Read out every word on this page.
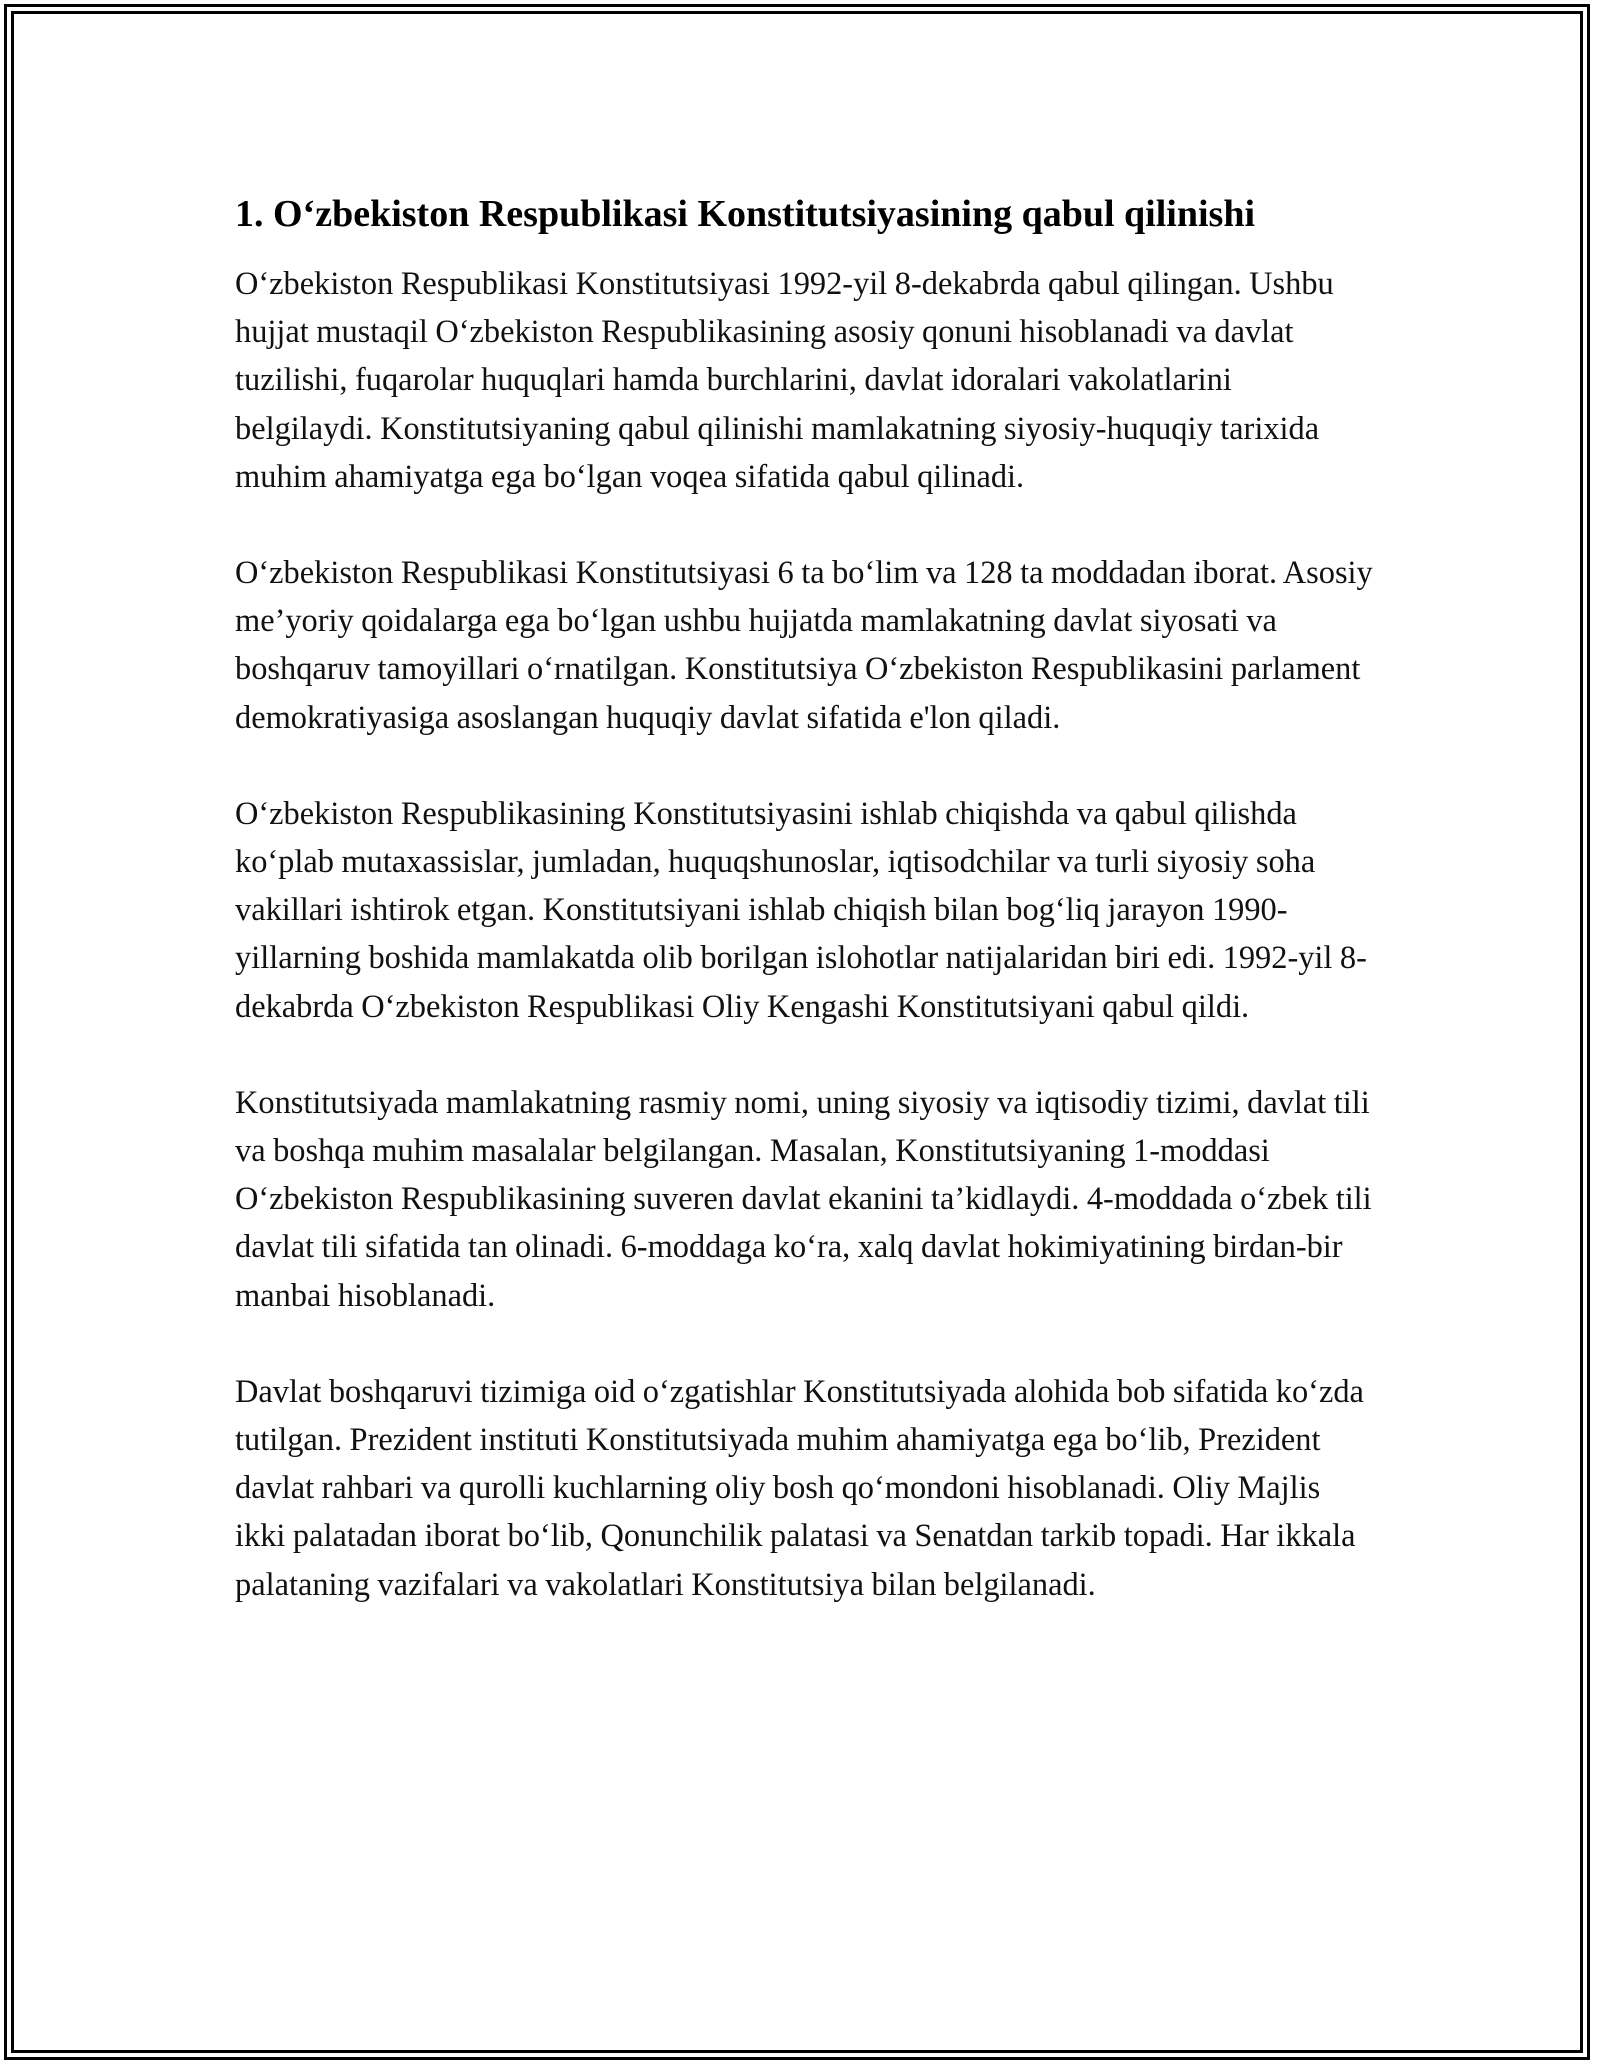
1. O‘zbekiston Respublikasi Konstitutsiyasining qabul qilinishi

O‘zbekiston Respublikasi Konstitutsiyasi 1992-yil 8-dekabrda qabul qilingan. Ushbu hujjat mustaqil O‘zbekiston Respublikasining asosiy qonuni hisoblanadi va davlat tuzilishi, fuqarolar huquqlari hamda burchlarini, davlat idoralari vakolatlarini belgilaydi. Konstitutsiyaning qabul qilinishi mamlakatning siyosiy-huquqiy tarixida muhim ahamiyatga ega bo‘lgan voqea sifatida qabul qilinadi.

O‘zbekiston Respublikasi Konstitutsiyasi 6 ta bo‘lim va 128 ta moddadan iborat. Asosiy me’yoriy qoidalarga ega bo‘lgan ushbu hujjatda mamlakatning davlat siyosati va boshqaruv tamoyillari o‘rnatilgan. Konstitutsiya O‘zbekiston Respublikasini parlament demokratiyasiga asoslangan huquqiy davlat sifatida e'lon qiladi.

O‘zbekiston Respublikasining Konstitutsiyasini ishlab chiqishda va qabul qilishda ko‘plab mutaxassislar, jumladan, huquqshunoslar, iqtisodchilar va turli siyosiy soha vakillari ishtirok etgan. Konstitutsiyani ishlab chiqish bilan bog‘liq jarayon 1990-yillarning boshida mamlakatda olib borilgan islohotlar natijalaridan biri edi. 1992-yil 8-dekabrda O‘zbekiston Respublikasi Oliy Kengashi Konstitutsiyani qabul qildi.

Konstitutsiyada mamlakatning rasmiy nomi, uning siyosiy va iqtisodiy tizimi, davlat tili va boshqa muhim masalalar belgilangan. Masalan, Konstitutsiyaning 1-moddasi O‘zbekiston Respublikasining suveren davlat ekanini ta’kidlaydi. 4-moddada o‘zbek tili davlat tili sifatida tan olinadi. 6-moddaga ko‘ra, xalq davlat hokimiyatining birdan-bir manbai hisoblanadi.

Davlat boshqaruvi tizimiga oid o‘zgatishlar Konstitutsiyada alohida bob sifatida ko‘zda tutilgan. Prezident instituti Konstitutsiyada muhim ahamiyatga ega bo‘lib, Prezident davlat rahbari va qurolli kuchlarning oliy bosh qo‘mondoni hisoblanadi. Oliy Majlis ikki palatadan iborat bo‘lib, Qonunchilik palatasi va Senatdan tarkib topadi. Har ikkala palataning vazifalari va vakolatlari Konstitutsiya bilan belgilanadi.
